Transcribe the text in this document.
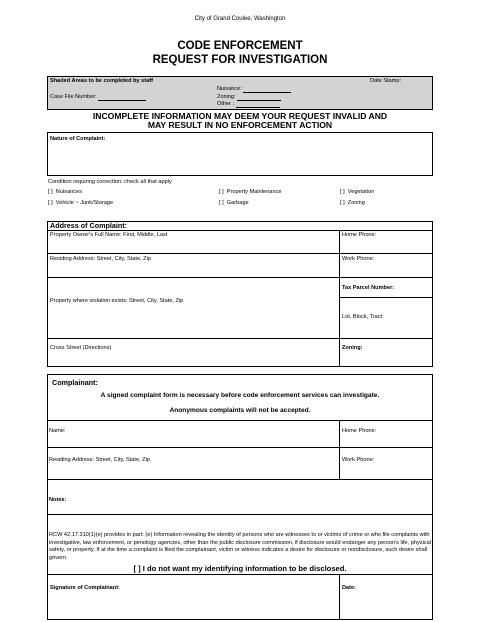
City of Grand Coulee, Washington
CODE ENFORCEMENT
REQUEST FOR INVESTIGATION
Shaded Areas to be completed by staff	Date Stamp:
Nuisance:
Case File Number:	Zoning:
Other :
INCOMPLETE INFORMATION MAY DEEM YOUR REQUEST INVALID AND
MAY RESULT IN NO ENFORCEMENT ACTION
Nature of Complaint:
Condition requiring correction: check all that apply
[ ] Nuisances	[ ] Property Maintenance	[ ] Vegetation
[ ] Vehicle ~ Junk/Storage	[ ] Garbage	[ ] Zoning
Address of Complaint:
Property Owner's Full Name: First, Middle, Last	Home Phone:
Residing Address: Street, City, State, Zip	Work Phone:
Tax Parcel Number:
Property where violation exists: Street, City, State, Zip
Lot, Block, Tract:
Cross Street (Directions)	Zoning:
Complainant:
A signed complaint form is necessary before code enforcement services can investigate.
Anonymous complaints will not be accepted.
Name:	Home Phone:
Residing Address: Street, City, State, Zip	Work Phone:
Notes:
RCW 42.17.310(1)(e) provides in part: (e) Information revealing the identity of persons who are witnesses to or victims of crime or who file complaints with investigative, law enforcement, or penology agencies, other than the public disclosure commission, if disclosure would endanger any person's life, physical safety, or property. If at the time a complaint is filed the complainant, victim or witness indicates a desire for disclosure or nondisclosure, such desire shall govern.
[ ] I do not want my identifying information to be disclosed.
Signature of Complainant:	Date:
